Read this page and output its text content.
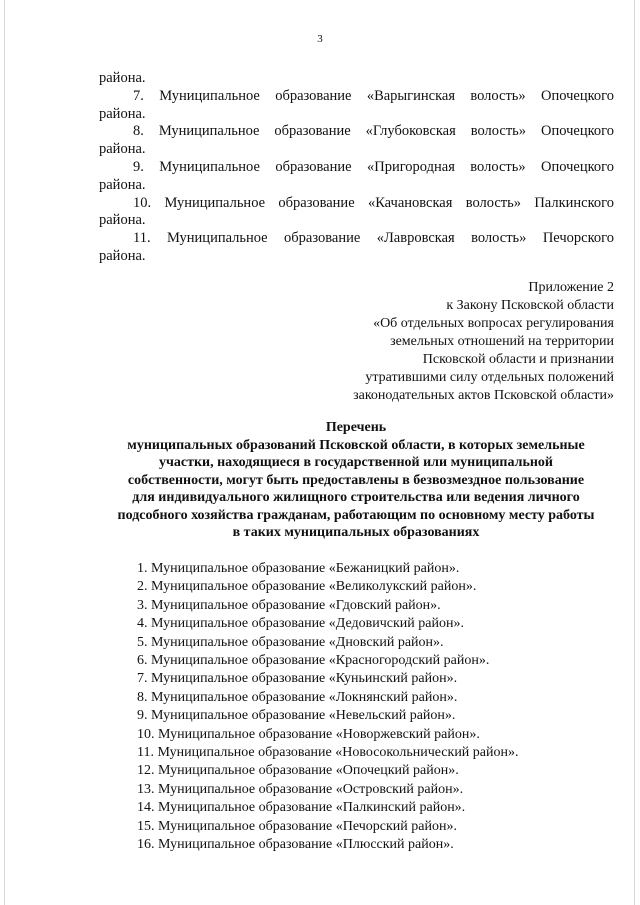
3
района.
7. Муниципальное образование «Варыгинская волость» Опочецкого
района.
8. Муниципальное образование «Глубоковская волость» Опочецкого
района.
9. Муниципальное образование «Пригородная волость» Опочецкого
района.
10. Муниципальное образование «Качановская волость» Палкинского
района.
11. Муниципальное образование «Лавровская волость» Печорского
района.
Приложение 2
к Закону Псковской области
«Об отдельных вопросах регулирования
земельных отношений на территории
Псковской области и признании
утратившими силу отдельных положений
законодательных актов Псковской области»
Перечень
муниципальных образований Псковской области, в которых земельные
участки, находящиеся в государственной или муниципальной
собственности, могут быть предоставлены в безвозмездное пользование
для индивидуального жилищного строительства или ведения личного
подсобного хозяйства гражданам, работающим по основному месту работы
в таких муниципальных образованиях
1. Муниципальное образование «Бежаницкий район».
2. Муниципальное образование «Великолукский район».
3. Муниципальное образование «Гдовский район».
4. Муниципальное образование «Дедовичский район».
5. Муниципальное образование «Дновский район».
6. Муниципальное образование «Красногородский район».
7. Муниципальное образование «Куньинский район».
8. Муниципальное образование «Локнянский район».
9. Муниципальное образование «Невельский район».
10. Муниципальное образование «Новоржевский район».
11. Муниципальное образование «Новосокольнический район».
12. Муниципальное образование «Опочецкий район».
13. Муниципальное образование «Островский район».
14. Муниципальное образование «Палкинский район».
15. Муниципальное образование «Печорский район».
16. Муниципальное образование «Плюсский район».
